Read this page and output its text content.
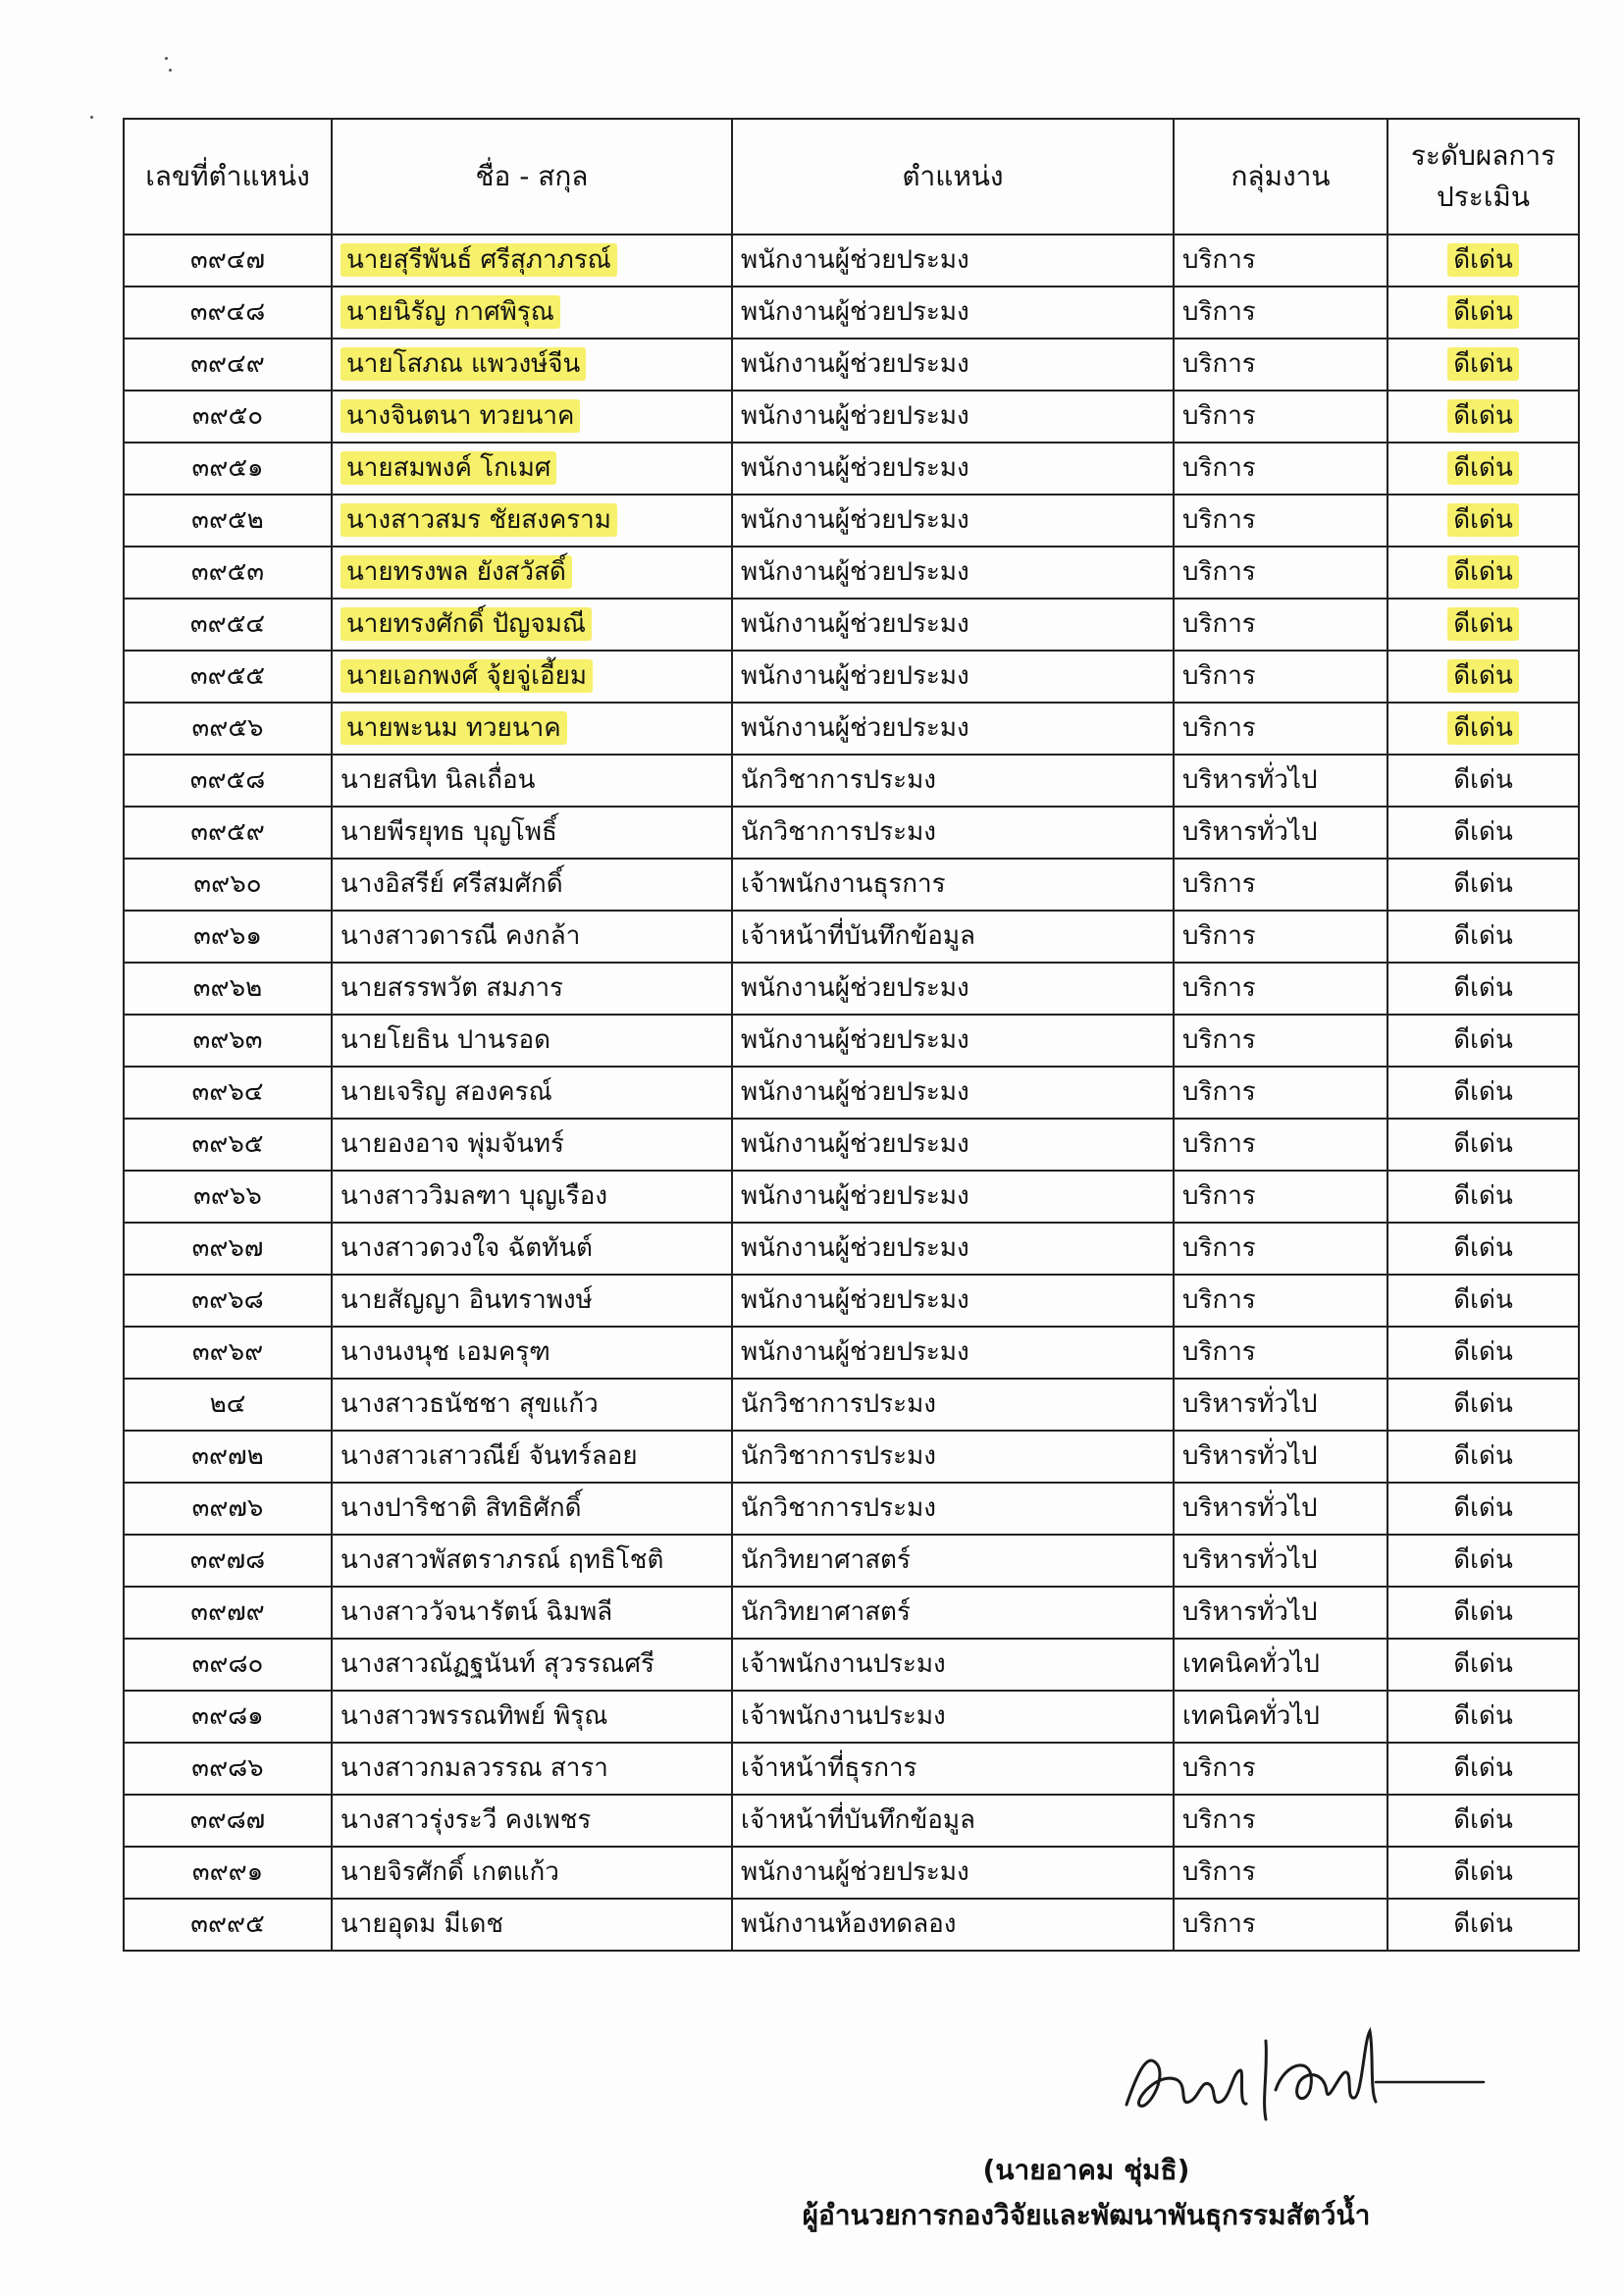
เลขที่ตำแหน่ง	ชื่อ - สกุล	ตำแหน่ง	กลุ่มงาน	ระดับผลการ
ประเมิน

๓๙๔๗	นายสุรีพันธ์ ศรีสุภาภรณ์	พนักงานผู้ช่วยประมง	บริการ	ดีเด่น
๓๙๔๘	นายนิรัญ กาศพิรุณ	พนักงานผู้ช่วยประมง	บริการ	ดีเด่น
๓๙๔๙	นายโสภณ แพวงษ์จีน	พนักงานผู้ช่วยประมง	บริการ	ดีเด่น
๓๙๕๐	นางจินตนา ทวยนาค	พนักงานผู้ช่วยประมง	บริการ	ดีเด่น
๓๙๕๑	นายสมพงค์ โกเมศ	พนักงานผู้ช่วยประมง	บริการ	ดีเด่น
๓๙๕๒	นางสาวสมร ชัยสงคราม	พนักงานผู้ช่วยประมง	บริการ	ดีเด่น
๓๙๕๓	นายทรงพล ยังสวัสดิ์	พนักงานผู้ช่วยประมง	บริการ	ดีเด่น
๓๙๕๔	นายทรงศักดิ์ ปัญจมณี	พนักงานผู้ช่วยประมง	บริการ	ดีเด่น
๓๙๕๕	นายเอกพงศ์ จุ้ยจู่เอี้ยม	พนักงานผู้ช่วยประมง	บริการ	ดีเด่น
๓๙๕๖	นายพะนม ทวยนาค	พนักงานผู้ช่วยประมง	บริการ	ดีเด่น
๓๙๕๘	นายสนิท นิลเถื่อน	นักวิชาการประมง	บริหารทั่วไป	ดีเด่น
๓๙๕๙	นายพีรยุทธ บุญโพธิ์	นักวิชาการประมง	บริหารทั่วไป	ดีเด่น
๓๙๖๐	นางอิสรีย์ ศรีสมศักดิ์	เจ้าพนักงานธุรการ	บริการ	ดีเด่น
๓๙๖๑	นางสาวดารณี คงกล้า	เจ้าหน้าที่บันทึกข้อมูล	บริการ	ดีเด่น
๓๙๖๒	นายสรรพวัต สมภาร	พนักงานผู้ช่วยประมง	บริการ	ดีเด่น
๓๙๖๓	นายโยธิน ปานรอด	พนักงานผู้ช่วยประมง	บริการ	ดีเด่น
๓๙๖๔	นายเจริญ สองครณ์	พนักงานผู้ช่วยประมง	บริการ	ดีเด่น
๓๙๖๕	นายองอาจ พุ่มจันทร์	พนักงานผู้ช่วยประมง	บริการ	ดีเด่น
๓๙๖๖	นางสาววิมลฑา บุญเรือง	พนักงานผู้ช่วยประมง	บริการ	ดีเด่น
๓๙๖๗	นางสาวดวงใจ ฉัตทันต์	พนักงานผู้ช่วยประมง	บริการ	ดีเด่น
๓๙๖๘	นายสัญญา อินทราพงษ์	พนักงานผู้ช่วยประมง	บริการ	ดีเด่น
๓๙๖๙	นางนงนุช เอมครุฑ	พนักงานผู้ช่วยประมง	บริการ	ดีเด่น
๒๔	นางสาวธนัชชา สุขแก้ว	นักวิชาการประมง	บริหารทั่วไป	ดีเด่น
๓๙๗๒	นางสาวเสาวณีย์ จันทร์ลอย	นักวิชาการประมง	บริหารทั่วไป	ดีเด่น
๓๙๗๖	นางปาริชาติ สิทธิศักดิ์	นักวิชาการประมง	บริหารทั่วไป	ดีเด่น
๓๙๗๘	นางสาวพัสตราภรณ์ ฤทธิโชติ	นักวิทยาศาสตร์	บริหารทั่วไป	ดีเด่น
๓๙๗๙	นางสาววัจนารัตน์ ฉิมพลี	นักวิทยาศาสตร์	บริหารทั่วไป	ดีเด่น
๓๙๘๐	นางสาวณัฏฐนันท์ สุวรรณศรี	เจ้าพนักงานประมง	เทคนิคทั่วไป	ดีเด่น
๓๙๘๑	นางสาวพรรณทิพย์ พิรุณ	เจ้าพนักงานประมง	เทคนิคทั่วไป	ดีเด่น
๓๙๘๖	นางสาวกมลวรรณ สารา	เจ้าหน้าที่ธุรการ	บริการ	ดีเด่น
๓๙๘๗	นางสาวรุ่งระวี คงเพชร	เจ้าหน้าที่บันทึกข้อมูล	บริการ	ดีเด่น
๓๙๙๑	นายจิรศักดิ์ เกตแก้ว	พนักงานผู้ช่วยประมง	บริการ	ดีเด่น
๓๙๙๕	นายอุดม มีเดช	พนักงานห้องทดลอง	บริการ	ดีเด่น
(นายอาคม ชุ่มธิ)
ผู้อำนวยการกองวิจัยและพัฒนาพันธุกรรมสัตว์น้ำ
